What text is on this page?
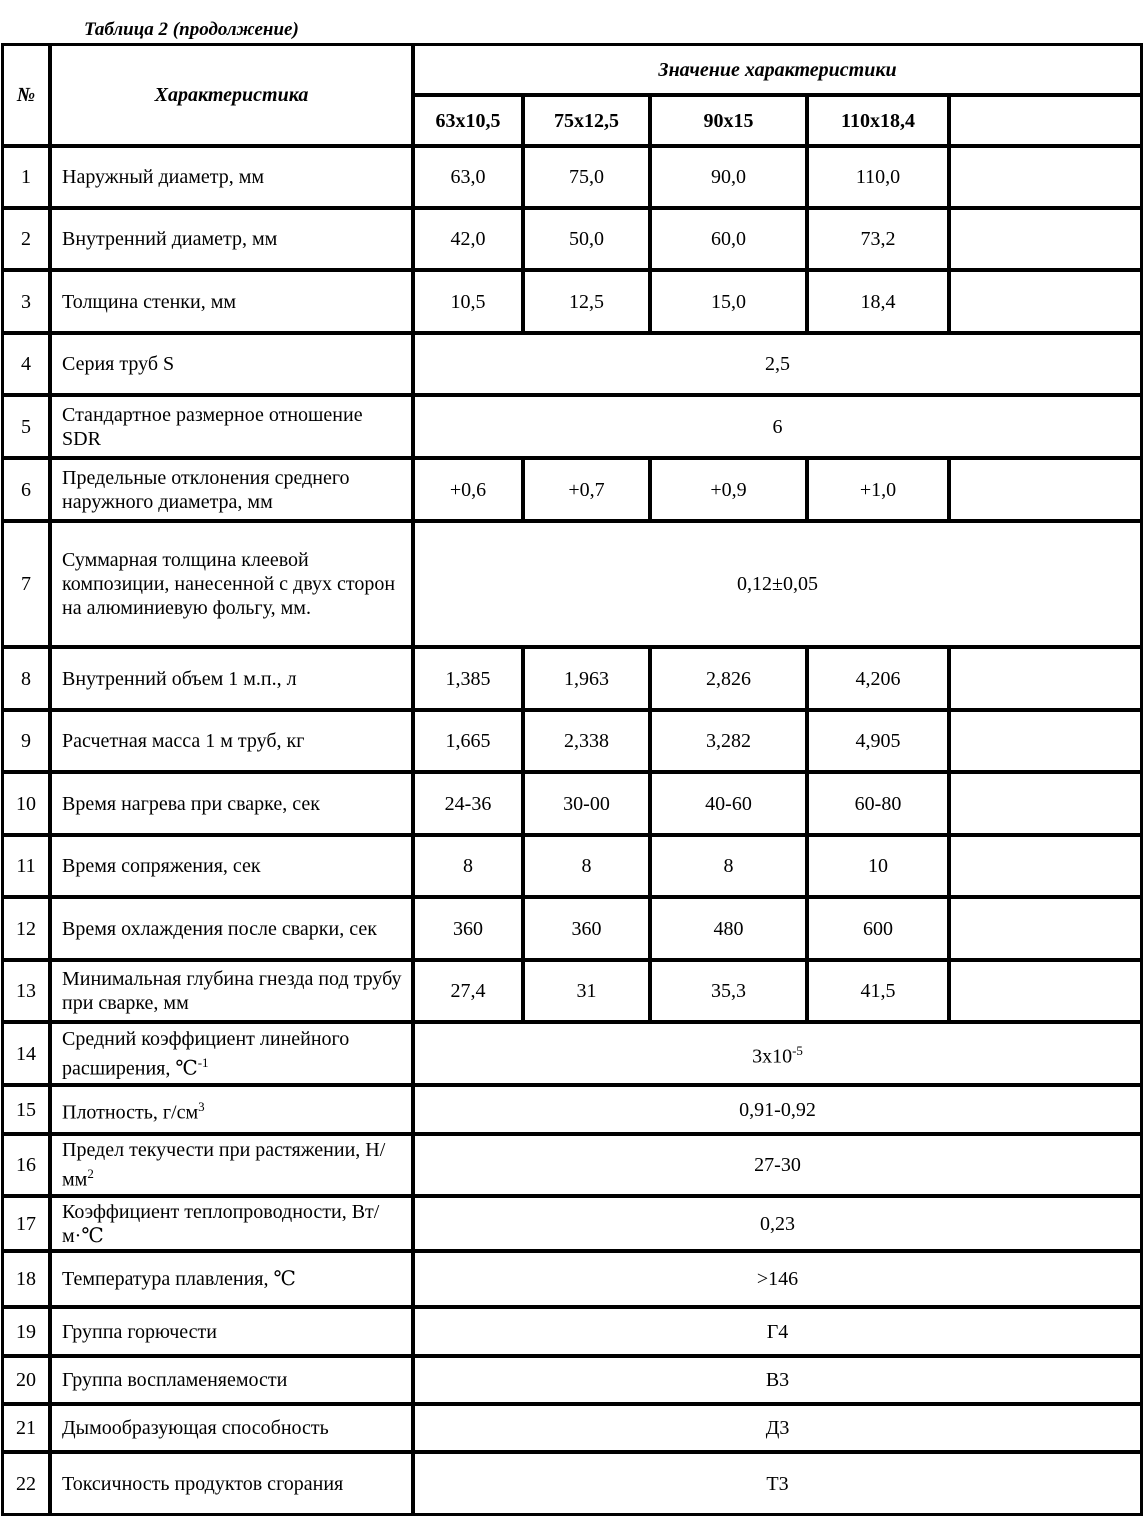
Таблица 2 (продолжение)
№	Характеристика	Значение характеристики				
		63х10,5	75х12,5	90х15	110х18,4	
1	Наружный диаметр, мм	63,0	75,0	90,0	110,0	
2	Внутренний диаметр, мм	42,0	50,0	60,0	73,2	
3	Толщина стенки, мм	10,5	12,5	15,0	18,4	
4	Серия труб S	2,5				
5	Стандартное размерное отношение SDR	6				
6	Предельные отклонения среднего наружного диаметра, мм	+0,6	+0,7	+0,9	+1,0	
7	Суммарная толщина клеевой композиции, нанесенной с двух сторон на алюминиевую фольгу, мм.	0,12±0,05				
8	Внутренний объем 1 м.п., л	1,385	1,963	2,826	4,206	
9	Расчетная масса 1 м труб, кг	1,665	2,338	3,282	4,905	
10	Время нагрева при сварке, сек	24-36	30-00	40-60	60-80	
11	Время сопряжения, сек	8	8	8	10	
12	Время охлаждения после сварки, сек	360	360	480	600	
13	Минимальная глубина гнезда под трубу при сварке, мм	27,4	31	35,3	41,5	
14	Средний коэффициент линейного расширения, ℃$^{-1}$	$3х10^{-5}$
15	Плотность, $г/см^3$	0,91-0,92				
16	Предел текучести при растяжении, $Н/мм^2$	27-30				
17	Коэффициент теплопроводности, Вт/м·℃	0,23				
18	Температура плавления, ℃	>146				
19	Группа горючести	Г4				
20	Группа воспламеняемости	В3				
21	Дымообразующая способность	Д3				
22	Токсичность продуктов сгорания	Т3				
